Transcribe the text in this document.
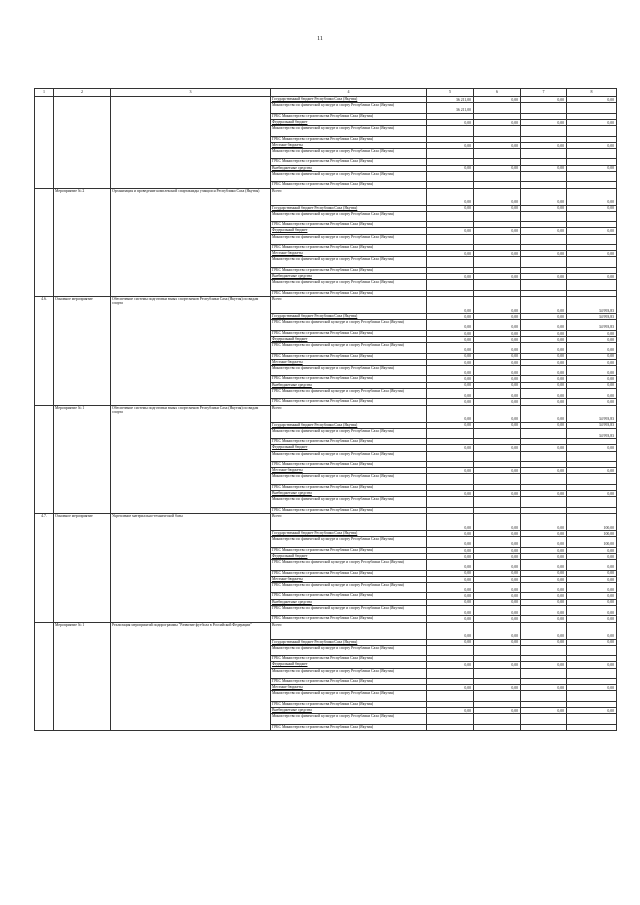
11
1	2	3	4	5	6	7	8
			Государственный бюджет Республики Саха (Якутия)	36 211,00	0,00	0,00	0,00
			Министерство по физической культуре и спорту Республики Саха (Якутия)	36 211,00			
			ГРБС Министерство строительства Республики Саха (Якутия)				
			Федеральный бюджет	0,00	0,00	0,00	0,00
			Министерство по физической культуре и спорту Республики Саха (Якутия)				
			ГРБС Министерство строительства Республики Саха (Якутия)				
			Местные бюджеты	0,00	0,00	0,00	0,00
			Министерство по физической культуре и спорту Республики Саха (Якутия)				
			ГРБС Министерство строительства Республики Саха (Якутия)				
			Внебюджетные средства	0,00	0,00	0,00	0,00
			Министерство по физической культуре и спорту Республики Саха (Якутия)				
			ГРБС Министерство строительства Республики Саха (Якутия)				
	Мероприятие № 2	Организация и проведение комплексной спартакиады учащихся Республики Саха (Якутия)	Всего:	0,00	0,00	0,00	0,00
			Государственный бюджет Республики Саха (Якутия)	0,00	0,00	0,00	0,00
			Министерство по физической культуре и спорту Республики Саха (Якутия)				
			ГРБС Министерство строительства Республики Саха (Якутия)				
			Федеральный бюджет	0,00	0,00	0,00	0,00
			Министерство по физической культуре и спорту Республики Саха (Якутия)				
			ГРБС Министерство строительства Республики Саха (Якутия)				
			Местные бюджеты	0,00	0,00	0,00	0,00
			Министерство по физической культуре и спорту Республики Саха (Якутия)				
			ГРБС Министерство строительства Республики Саха (Якутия)				
			Внебюджетные средства	0,00	0,00	0,00	0,00
			Министерство по физической культуре и спорту Республики Саха (Якутия)				
			ГРБС Министерство строительства Республики Саха (Якутия)				
4.6.	Основное мероприятие	Обеспечение системы подготовки юных спортсменов Республики Саха (Якутия) по видам спорта	Всего:	0,00	0,00	0,00	34 993,83
			Государственный бюджет Республики Саха (Якутия)	0,00	0,00	0,00	34 993,83
			ГРБС Министерство по физической культуре и спорту Республики Саха (Якутия)	0,00	0,00	0,00	34 993,83
			ГРБС Министерство строительства Республики Саха (Якутия)	0,00	0,00	0,00	0,00
			Федеральный бюджет	0,00	0,00	0,00	0,00
			ГРБС Министерство по физической культуре и спорту Республики Саха (Якутия)	0,00	0,00	0,00	0,00
			ГРБС Министерство строительства Республики Саха (Якутия)	0,00	0,00	0,00	0,00
			Местные бюджеты	0,00	0,00	0,00	0,00
			Министерство по физической культуре и спорту Республики Саха (Якутия)	0,00	0,00	0,00	0,00
			ГРБС Министерство строительства Республики Саха (Якутия)	0,00	0,00	0,00	0,00
			Внебюджетные средства	0,00	0,00	0,00	0,00
			ГРБС Министерство по физической культуре и спорту Республики Саха (Якутия)	0,00	0,00	0,00	0,00
			ГРБС Министерство строительства Республики Саха (Якутия)	0,00	0,00	0,00	0,00
	Мероприятие № 1	Обеспечение системы подготовки юных спортсменов Республики Саха (Якутия) по видам спорта	Всего:	0,00	0,00	0,00	34 993,83
			Государственный бюджет Республики Саха (Якутия)	0,00	0,00	0,00	34 993,83
			Министерство по физической культуре и спорту Республики Саха (Якутия)				34 993,83
			ГРБС Министерство строительства Республики Саха (Якутия)				
			Федеральный бюджет	0,00	0,00	0,00	0,00
			Министерство по физической культуре и спорту Республики Саха (Якутия)				
			ГРБС Министерство строительства Республики Саха (Якутия)				
			Местные бюджеты	0,00	0,00	0,00	0,00
			Министерство по физической культуре и спорту Республики Саха (Якутия)				
			ГРБС Министерство строительства Республики Саха (Якутия)				
			Внебюджетные средства	0,00	0,00	0,00	0,00
			Министерство по физической культуре и спорту Республики Саха (Якутия)				
			ГРБС Министерство строительства Республики Саха (Якутия)				
4.7.	Основное мероприятие	Укрепление материально-технической базы	Всего:	0,00	0,00	0,00	100,00
			Государственный бюджет Республики Саха (Якутия)	0,00	0,00	0,00	100,00
			Министерство по физической культуре и спорту Республики Саха (Якутия)	0,00	0,00	0,00	100,00
			ГРБС Министерство строительства Республики Саха (Якутия)	0,00	0,00	0,00	0,00
			Федеральный бюджет	0,00	0,00	0,00	0,00
			ГРБС Министерство по физической культуре и спорту Республики Саха (Якутия)	0,00	0,00	0,00	0,00
			ГРБС Министерство строительства Республики Саха (Якутия)	0,00	0,00	0,00	0,00
			Местные бюджеты	0,00	0,00	0,00	0,00
			ГРБС Министерство по физической культуре и спорту Республики Саха (Якутия)	0,00	0,00	0,00	0,00
			ГРБС Министерство строительства Республики Саха (Якутия)	0,00	0,00	0,00	0,00
			Внебюджетные средства	0,00	0,00	0,00	0,00
			ГРБС Министерство по физической культуре и спорту Республики Саха (Якутия)	0,00	0,00	0,00	0,00
			ГРБС Министерство строительства Республики Саха (Якутия)	0,00	0,00	0,00	0,00
	Мероприятие № 1	Реализация мероприятий подпрограммы "Развитие футбола в Российской Федерации"	Всего:	0,00	0,00	0,00	0,00
			Государственный бюджет Республики Саха (Якутия)	0,00	0,00	0,00	0,00
			Министерство по физической культуре и спорту Республики Саха (Якутия)				
			ГРБС Министерство строительства Республики Саха (Якутия)				
			Федеральный бюджет	0,00	0,00	0,00	0,00
			Министерство по физической культуре и спорту Республики Саха (Якутия)				
			ГРБС Министерство строительства Республики Саха (Якутия)				
			Местные бюджеты	0,00	0,00	0,00	0,00
			Министерство по физической культуре и спорту Республики Саха (Якутия)				
			ГРБС Министерство строительства Республики Саха (Якутия)				
			Внебюджетные средства	0,00	0,00	0,00	0,00
			Министерство по физической культуре и спорту Республики Саха (Якутия)				
			ГРБС Министерство строительства Республики Саха (Якутия)				
